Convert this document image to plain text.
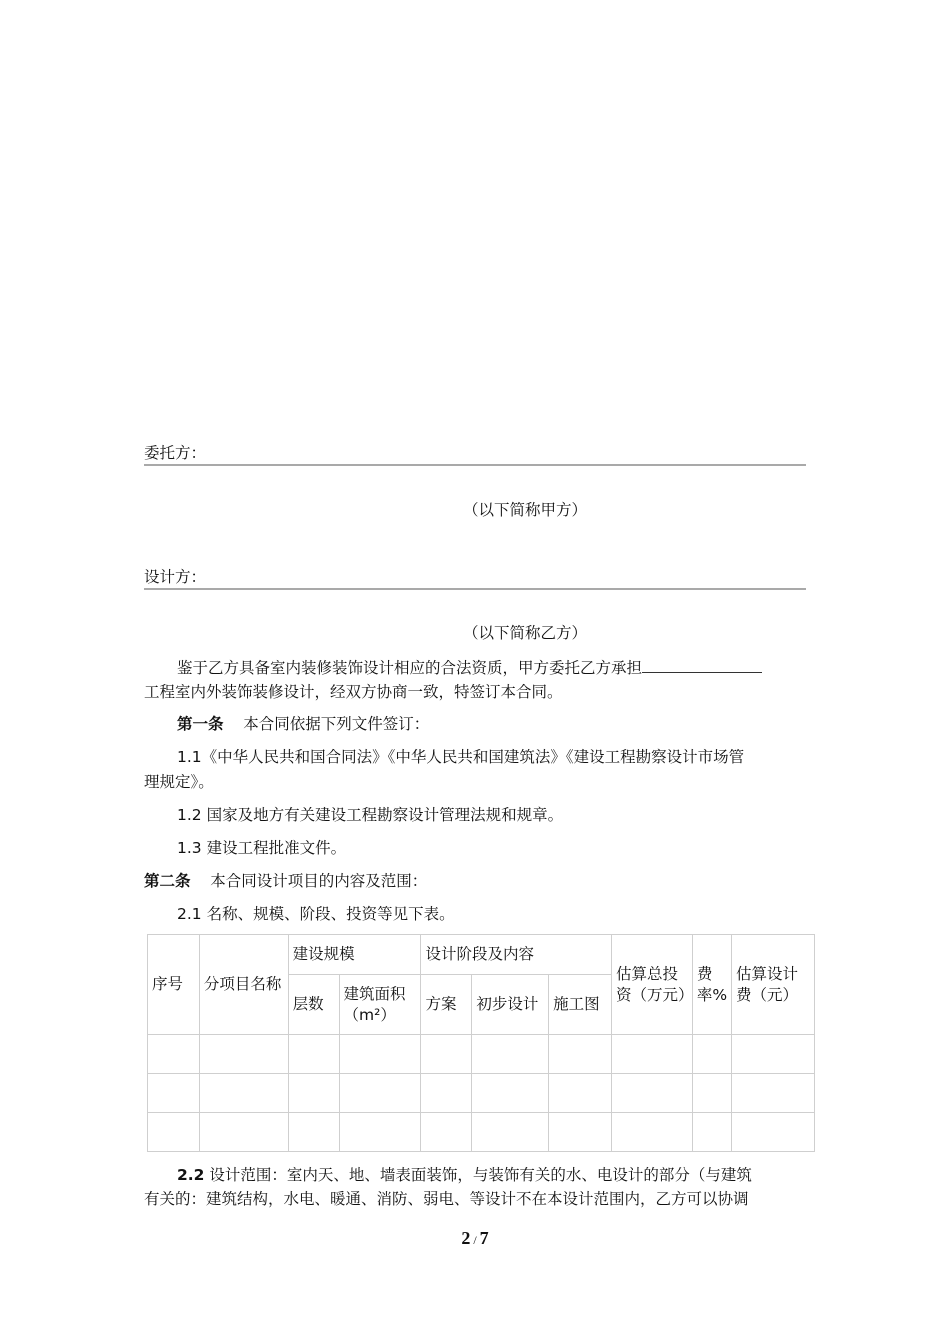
委托方：
（以下简称甲方）
设计方：
（以下简称乙方）
鉴于乙方具备室内装修装饰设计相应的合法资质，甲方委托乙方承担
工程室内外装饰装修设计，经双方协商一致，特签订本合同。
第一条 本合同依据下列文件签订：
1.1《中华人民共和国合同法》《中华人民共和国建筑法》《建设工程勘察设计市场管
理规定》。
1.2 国家及地方有关建设工程勘察设计管理法规和规章。
1.3 建设工程批准文件。
第二条 本合同设计项目的内容及范围：
2.1 名称、规模、阶段、投资等见下表。
序号	分项目名称	建设规模		设计阶段及内容			估算总投资（万元）	费率%	估算设计费（元）
		层数	建筑面积（m²）	方案	初步设计	施工图			

2.2 设计范围：室内天、地、墙表面装饰，与装饰有关的水、电设计的部分（与建筑
有关的：建筑结构，水电、暖通、消防、弱电、等设计不在本设计范围内，乙方可以协调
2 / 7
